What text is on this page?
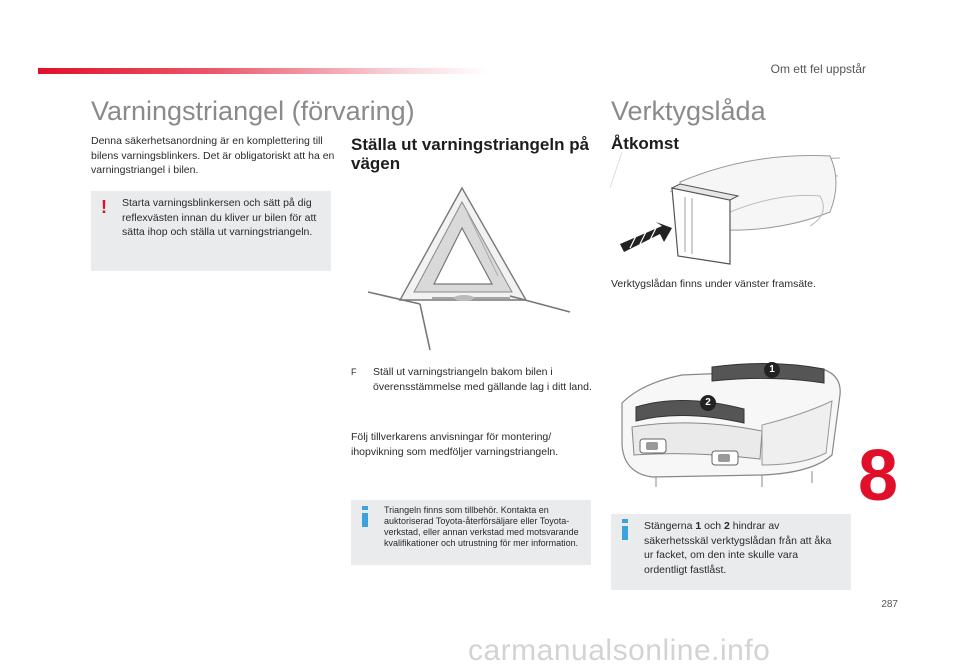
Om ett fel uppstår
Varningstriangel (förvaring)
Denna säkerhetsanordning är en komplettering till bilens varningsblinkers. Det är obligatoriskt att ha en varningstriangel i bilen.
! Starta varningsblinkersen och sätt på dig reflexvästen innan du kliver ur bilen för att sätta ihop och ställa ut varningstriangeln.
Ställa ut varningstriangeln på vägen
F Ställ ut varningstriangeln bakom bilen i överensstämmelse med gällande lag i ditt land.
Följ tillverkarens anvisningar för montering/ ihopvikning som medföljer varningstriangeln.
Triangeln finns som tillbehör. Kontakta en auktoriserad Toyota-återförsäljare eller Toyota-verkstad, eller annan verkstad med motsvarande kvalifikationer och utrustning för mer information.
Verktygslåda
Åtkomst
Verktygslådan finns under vänster framsäte.
1
2
Stängerna 1 och 2 hindrar av säkerhetsskäl verktygslådan från att åka ur facket, om den inte skulle vara ordentligt fastlåst.
8
287
carmanualsonline.info
